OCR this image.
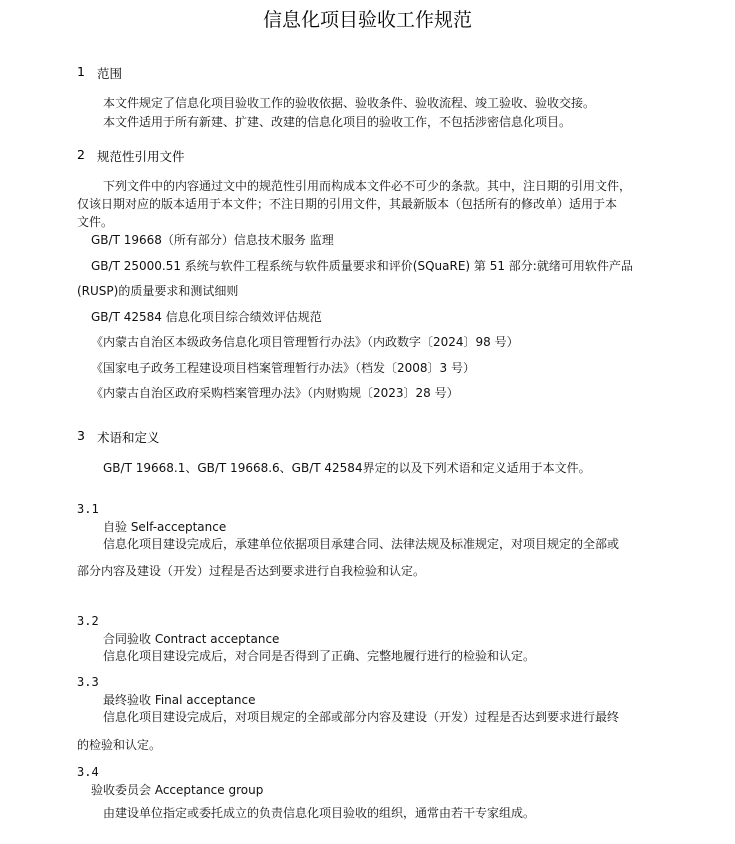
信息化项目验收工作规范
1 范围
本文件规定了信息化项目验收工作的验收依据、验收条件、验收流程、竣工验收、验收交接。
本文件适用于所有新建、扩建、改建的信息化项目的验收工作，不包括涉密信息化项目。
2 规范性引用文件
下列文件中的内容通过文中的规范性引用而构成本文件必不可少的条款。其中，注日期的引用文件，
仅该日期对应的版本适用于本文件；不注日期的引用文件，其最新版本（包括所有的修改单）适用于本
文件。
GB/T 19668（所有部分）信息技术服务 监理
GB/T 25000.51 系统与软件工程系统与软件质量要求和评价(SQuaRE) 第 51 部分:就绪可用软件产品
(RUSP)的质量要求和测试细则
GB/T 42584 信息化项目综合绩效评估规范
《内蒙古自治区本级政务信息化项目管理暂行办法》（内政数字〔2024〕98 号）
《国家电子政务工程建设项目档案管理暂行办法》（档发〔2008〕3 号）
《内蒙古自治区政府采购档案管理办法》（内财购规〔2023〕28 号）
3 术语和定义
GB/T 19668.1、GB/T 19668.6、GB/T 42584界定的以及下列术语和定义适用于本文件。
3.1
自验 Self-acceptance
信息化项目建设完成后，承建单位依据项目承建合同、法律法规及标准规定，对项目规定的全部或
部分内容及建设（开发）过程是否达到要求进行自我检验和认定。
3.2
合同验收 Contract acceptance
信息化项目建设完成后，对合同是否得到了正确、完整地履行进行的检验和认定。
3.3
最终验收 Final acceptance
信息化项目建设完成后，对项目规定的全部或部分内容及建设（开发）过程是否达到要求进行最终
的检验和认定。
3.4
验收委员会 Acceptance group
由建设单位指定或委托成立的负责信息化项目验收的组织，通常由若干专家组成。
